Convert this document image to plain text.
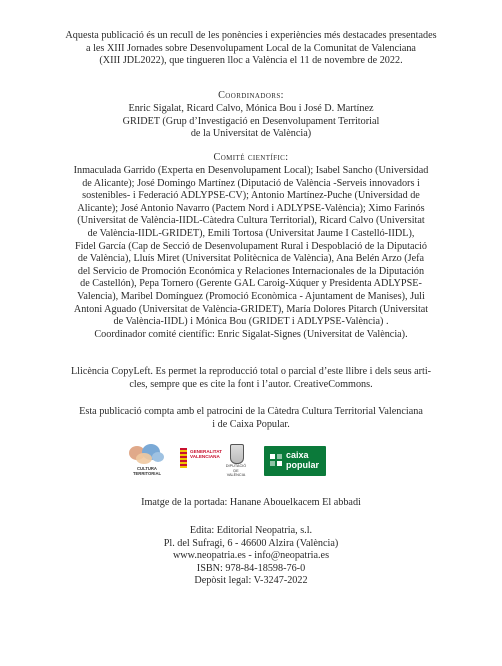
Aquesta publicació és un recull de les ponències i experiències més destacades presentades
a les XIII Jornades sobre Desenvolupament Local de la Comunitat de Valenciana
(XIII JDL2022), que tingueren lloc a València el 11 de novembre de 2022.
Coordinadors:
Enric Sigalat, Ricard Calvo, Mónica Bou i José D. Martínez
GRIDET (Grup d’Investigació en Desenvolupament Territorial
de la Universitat de València)
Comité científic:
Inmaculada Garrido (Experta en Desenvolupament Local); Isabel Sancho (Universidad
de Alicante); José Domingo Martínez (Diputació de València -Serveis innovadors i
sostenibles- i Federació ADLYPSE-CV); Antonio Martínez-Puche (Universidad de
Alicante); José Antonio Navarro (Pactem Nord i ADLYPSE-València); Ximo Farinós
(Universitat de València-IIDL-Càtedra Cultura Territorial), Ricard Calvo (Universitat
de València-IIDL-GRIDET), Emili Tortosa (Universitat Jaume I Castelló-IIDL),
Fidel García (Cap de Secció de Desenvolupament Rural i Despoblació de la Diputació
de València), Lluís Miret (Universitat Politècnica de València), Ana Belén Arzo (Jefa
del Servicio de Promoción Económica y Relaciones Internacionales de la Diputación
de Castellón), Pepa Tornero (Gerente GAL Caroig-Xúquer y Presidenta ADLYPSE-
Valencia), Maribel Domínguez (Promoció Econòmica - Ajuntament de Manises), Juli
Antoni Aguado (Universitat de València-GRIDET), María Dolores Pitarch (Universitat
de València-IIDL) i Mónica Bou (GRIDET i ADLYPSE-València) .
Coordinador comité científic: Enric Sigalat-Signes (Universitat de València).
Llicència CopyLeft. Es permet la reproducció total o parcial d’este llibre i dels seus arti-
cles, sempre que es cite la font i l’autor. CreativeCommons.
Esta publicació compta amb el patrocini de la Càtedra Cultura Territorial Valenciana
i de Caixa Popular.
CULTURA TERRITORIAL
GENERALITAT
VALENCIANA
DIPUTACIÓ
DE VALÈNCIA
caixa
popular
Imatge de la portada: Hanane Abouelkacem El abbadi
Edita: Editorial Neopatria, s.l.
Pl. del Sufragi, 6 - 46600 Alzira (València)
www.neopatria.es - info@neopatria.es
ISBN: 978-84-18598-76-0
Depòsit legal: V-3247-2022
